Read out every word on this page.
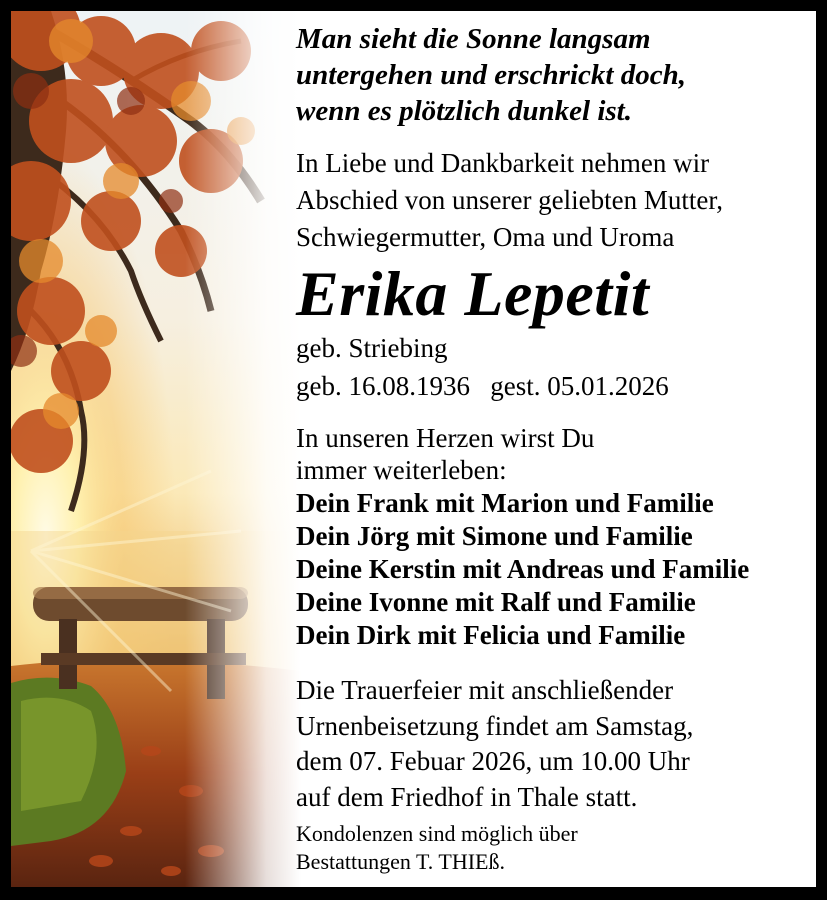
Man sieht die Sonne langsam
untergehen und erschrickt doch,
wenn es plötzlich dunkel ist.
In Liebe und Dankbarkeit nehmen wir
Abschied von unserer geliebten Mutter,
Schwiegermutter, Oma und Uroma
Erika Lepetit
geb. Striebing
geb. 16.08.1936   gest. 05.01.2026
In unseren Herzen wirst Du
immer weiterleben:
Dein Frank mit Marion und Familie
Dein Jörg mit Simone und Familie
Deine Kerstin mit Andreas und Familie
Deine Ivonne mit Ralf und Familie
Dein Dirk mit Felicia und Familie
Die Trauerfeier mit anschließender
Urnenbeisetzung findet am Samstag,
dem 07. Febuar 2026, um 10.00 Uhr
auf dem Friedhof in Thale statt.
Kondolenzen sind möglich über
Bestattungen T. THIEß.
